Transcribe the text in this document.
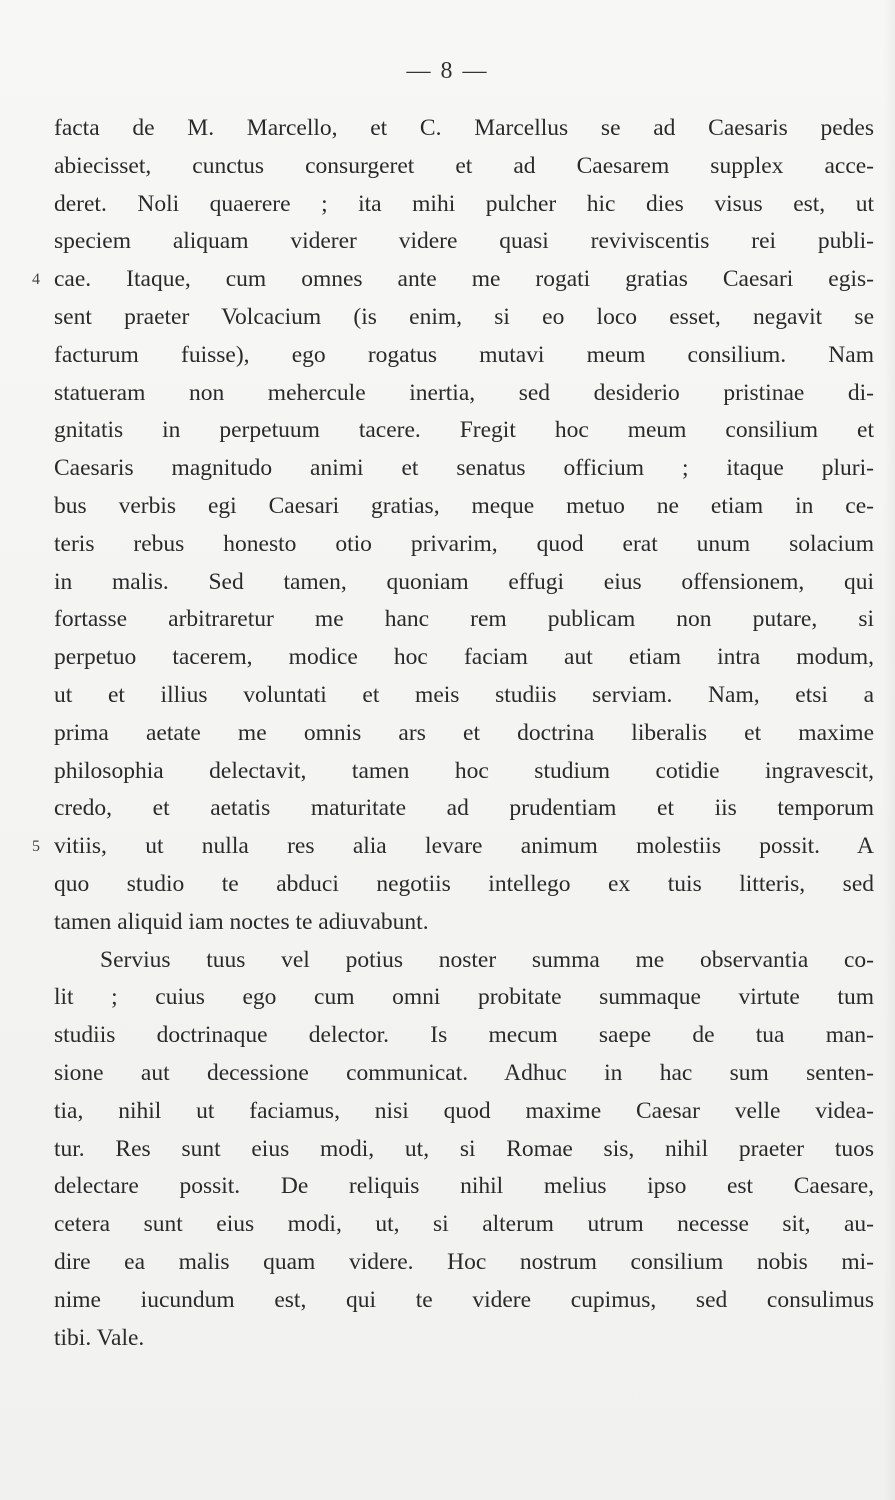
— 8 —
facta de M. Marcello, et C. Marcellus se ad Caesaris pedes
abiecisset, cunctus consurgeret et ad Caesarem supplex acce-
deret. Noli quaerere ; ita mihi pulcher hic dies visus est, ut
speciem aliquam viderer videre quasi reviviscentis rei publi-
4 cae. Itaque, cum omnes ante me rogati gratias Caesari egis-
sent praeter Volcacium (is enim, si eo loco esset, negavit se
facturum fuisse), ego rogatus mutavi meum consilium. Nam
statueram non mehercule inertia, sed desiderio pristinae di-
gnitatis in perpetuum tacere. Fregit hoc meum consilium et
Caesaris magnitudo animi et senatus officium ; itaque pluri-
bus verbis egi Caesari gratias, meque metuo ne etiam in ce-
teris rebus honesto otio privarim, quod erat unum solacium
in malis. Sed tamen, quoniam effugi eius offensionem, qui
fortasse arbitraretur me hanc rem publicam non putare, si
perpetuo tacerem, modice hoc faciam aut etiam intra modum,
ut et illius voluntati et meis studiis serviam. Nam, etsi a
prima aetate me omnis ars et doctrina liberalis et maxime
philosophia delectavit, tamen hoc studium cotidie ingravescit,
credo, et aetatis maturitate ad prudentiam et iis temporum
5 vitiis, ut nulla res alia levare animum molestiis possit. A
quo studio te abduci negotiis intellego ex tuis litteris, sed
tamen aliquid iam noctes te adiuvabunt.
Servius tuus vel potius noster summa me observantia co-
lit ; cuius ego cum omni probitate summaque virtute tum
studiis doctrinaque delector. Is mecum saepe de tua man-
sione aut decessione communicat. Adhuc in hac sum senten-
tia, nihil ut faciamus, nisi quod maxime Caesar velle videa-
tur. Res sunt eius modi, ut, si Romae sis, nihil praeter tuos
delectare possit. De reliquis nihil melius ipso est Caesare,
cetera sunt eius modi, ut, si alterum utrum necesse sit, au-
dire ea malis quam videre. Hoc nostrum consilium nobis mi-
nime iucundum est, qui te videre cupimus, sed consulimus
tibi. Vale.
